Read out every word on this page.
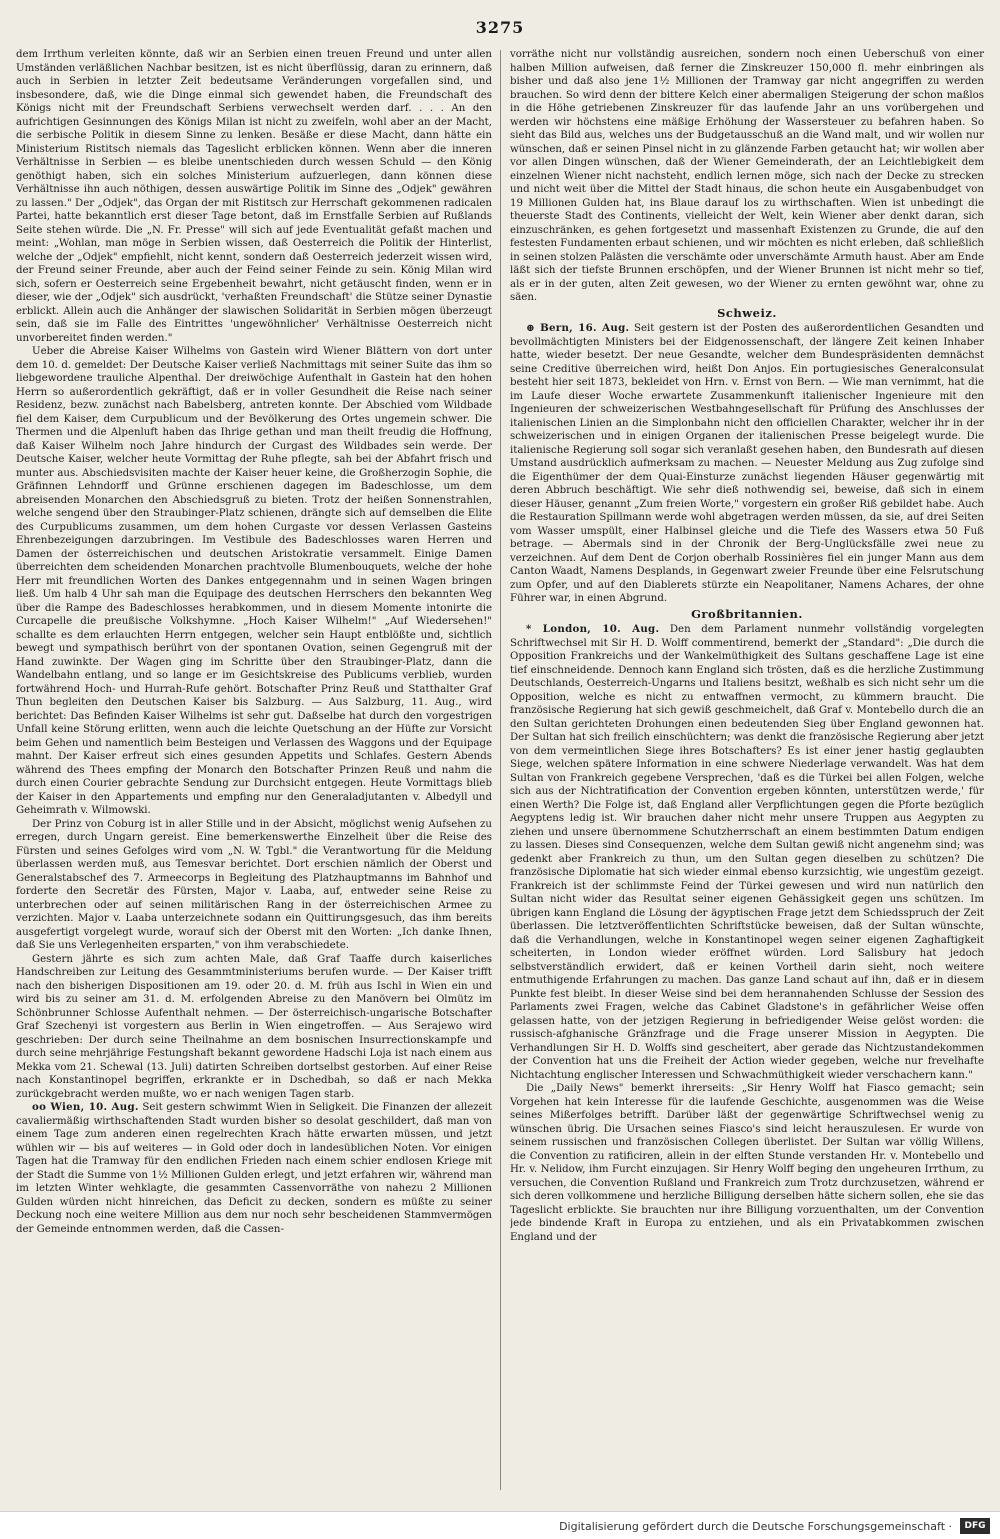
3275

dem Irrthum verleiten könnte, daß wir an Serbien einen treuen Freund und unter allen Umständen verläßlichen Nachbar besitzen, ist es nicht überflüssig, daran zu erinnern, daß auch in Serbien in letzter Zeit bedeutsame Veränderungen vorgefallen sind, und insbesondere, daß, wie die Dinge einmal sich gewendet haben, die Freundschaft des Königs nicht mit der Freundschaft Serbiens verwechselt werden darf. . . . An den aufrichtigen Gesinnungen des Königs Milan ist nicht zu zweifeln, wohl aber an der Macht, die serbische Politik in diesem Sinne zu lenken. Besäße er diese Macht, dann hätte ein Ministerium Ristitsch niemals das Tageslicht erblicken können. Wenn aber die inneren Verhältnisse in Serbien — es bleibe unentschieden durch wessen Schuld — den König genöthigt haben, sich ein solches Ministerium aufzuerlegen, dann können diese Verhältnisse ihn auch nöthigen, dessen auswärtige Politik im Sinne des „Odjek" gewähren zu lassen." Der „Odjek", das Organ der mit Ristitsch zur Herrschaft gekommenen radicalen Partei, hatte bekanntlich erst dieser Tage betont, daß im Ernstfalle Serbien auf Rußlands Seite stehen würde. Die „N. Fr. Presse" will sich auf jede Eventualität gefaßt machen und meint: „Wohlan, man möge in Serbien wissen, daß Oesterreich die Politik der Hinterlist, welche der „Odjek" empfiehlt, nicht kennt, sondern daß Oesterreich jederzeit wissen wird, der Freund seiner Freunde, aber auch der Feind seiner Feinde zu sein. König Milan wird sich, sofern er Oesterreich seine Ergebenheit bewahrt, nicht getäuscht finden, wenn er in dieser, wie der „Odjek" sich ausdrückt, 'verhaßten Freundschaft' die Stütze seiner Dynastie erblickt. Allein auch die Anhänger der slawischen Solidarität in Serbien mögen überzeugt sein, daß sie im Falle des Eintrittes 'ungewöhnlicher' Verhältnisse Oesterreich nicht unvorbereitet finden werden."

Ueber die Abreise Kaiser Wilhelms von Gastein wird Wiener Blättern von dort unter dem 10. d. gemeldet: Der Deutsche Kaiser verließ Nachmittags mit seiner Suite das ihm so liebgewordene trauliche Alpenthal. Der dreiwöchige Aufenthalt in Gastein hat den hohen Herrn so außerordentlich gekräftigt, daß er in voller Gesundheit die Reise nach seiner Residenz, bezw. zunächst nach Babelsberg, antreten konnte. Der Abschied vom Wildbade fiel dem Kaiser, dem Curpublicum und der Bevölkerung des Ortes ungemein schwer. Die Thermen und die Alpenluft haben das Ihrige gethan und man theilt freudig die Hoffnung, daß Kaiser Wilhelm noch Jahre hindurch der Curgast des Wildbades sein werde. Der Deutsche Kaiser, welcher heute Vormittag der Ruhe pflegte, sah bei der Abfahrt frisch und munter aus. Abschiedsvisiten machte der Kaiser heuer keine, die Großherzogin Sophie, die Gräfinnen Lehndorff und Grünne erschienen dagegen im Badeschlosse, um dem abreisenden Monarchen den Abschiedsgruß zu bieten. Trotz der heißen Sonnenstrahlen, welche sengend über den Straubinger-Platz schienen, drängte sich auf demselben die Elite des Curpublicums zusammen, um dem hohen Curgaste vor dessen Verlassen Gasteins Ehrenbezeigungen darzubringen. Im Vestibule des Badeschlosses waren Herren und Damen der österreichischen und deutschen Aristokratie versammelt. Einige Damen überreichten dem scheidenden Monarchen prachtvolle Blumenbouquets, welche der hohe Herr mit freundlichen Worten des Dankes entgegennahm und in seinen Wagen bringen ließ. Um halb 4 Uhr sah man die Equipage des deutschen Herrschers den bekannten Weg über die Rampe des Badeschlosses herabkommen, und in diesem Momente intonirte die Curcapelle die preußische Volkshymne. „Hoch Kaiser Wilhelm!" „Auf Wiedersehen!" schallte es dem erlauchten Herrn entgegen, welcher sein Haupt entblößte und, sichtlich bewegt und sympathisch berührt von der spontanen Ovation, seinen Gegengruß mit der Hand zuwinkte. Der Wagen ging im Schritte über den Straubinger-Platz, dann die Wandelbahn entlang, und so lange er im Gesichtskreise des Publicums verblieb, wurden fortwährend Hoch- und Hurrah-Rufe gehört. Botschafter Prinz Reuß und Statthalter Graf Thun begleiten den Deutschen Kaiser bis Salzburg. — Aus Salzburg, 11. Aug., wird berichtet: Das Befinden Kaiser Wilhelms ist sehr gut. Daßselbe hat durch den vorgestrigen Unfall keine Störung erlitten, wenn auch die leichte Quetschung an der Hüfte zur Vorsicht beim Gehen und namentlich beim Besteigen und Verlassen des Waggons und der Equipage mahnt. Der Kaiser erfreut sich eines gesunden Appetits und Schlafes. Gestern Abends während des Thees empfing der Monarch den Botschafter Prinzen Reuß und nahm die durch einen Courier gebrachte Sendung zur Durchsicht entgegen. Heute Vormittags blieb der Kaiser in den Appartements und empfing nur den Generaladjutanten v. Albedyll und Geheimrath v. Wilmowski.

Der Prinz von Coburg ist in aller Stille und in der Absicht, möglichst wenig Aufsehen zu erregen, durch Ungarn gereist. Eine bemerkenswerthe Einzelheit über die Reise des Fürsten und seines Gefolges wird vom „N. W. Tgbl." die Verantwortung für die Meldung überlassen werden muß, aus Temesvar berichtet. Dort erschien nämlich der Oberst und Generalstabschef des 7. Armeecorps in Begleitung des Platzhauptmanns im Bahnhof und forderte den Secretär des Fürsten, Major v. Laaba, auf, entweder seine Reise zu unterbrechen oder auf seinen militärischen Rang in der österreichischen Armee zu verzichten. Major v. Laaba unterzeichnete sodann ein Quittirungsgesuch, das ihm bereits ausgefertigt vorgelegt wurde, worauf sich der Oberst mit den Worten: „Ich danke Ihnen, daß Sie uns Verlegenheiten ersparten," von ihm verabschiedete.

Gestern jährte es sich zum achten Male, daß Graf Taaffe durch kaiserliches Handschreiben zur Leitung des Gesammtministeriums berufen wurde. — Der Kaiser trifft nach den bisherigen Dispositionen am 19. oder 20. d. M. früh aus Ischl in Wien ein und wird bis zu seiner am 31. d. M. erfolgenden Abreise zu den Manövern bei Olmütz im Schönbrunner Schlosse Aufenthalt nehmen. — Der österreichisch-ungarische Botschafter Graf Szechenyi ist vorgestern aus Berlin in Wien eingetroffen. — Aus Serajewo wird geschrieben: Der durch seine Theilnahme an dem bosnischen Insurrectionskampfe und durch seine mehrjährige Festungshaft bekannt gewordene Hadschi Loja ist nach einem aus Mekka vom 21. Schewal (13. Juli) datirten Schreiben dortselbst gestorben. Auf einer Reise nach Konstantinopel begriffen, erkrankte er in Dschedbah, so daß er nach Mekka zurückgebracht werden mußte, wo er nach wenigen Tagen starb.

oo Wien, 10. Aug. Seit gestern schwimmt Wien in Seligkeit. Die Finanzen der allezeit cavaliermäßig wirthschaftenden Stadt wurden bisher so desolat geschildert, daß man von einem Tage zum anderen einen regelrechten Krach hätte erwarten müssen, und jetzt wühlen wir — bis auf weiteres — in Gold oder doch in landesüblichen Noten. Vor einigen Tagen hat die Tramway für den endlichen Frieden nach einem schier endlosen Kriege mit der Stadt die Summe von 1½ Millionen Gulden erlegt, und jetzt erfahren wir, während man im letzten Winter wehklagte, die gesammten Cassenvorräthe von nahezu 2 Millionen Gulden würden nicht hinreichen, das Deficit zu decken, sondern es müßte zu seiner Deckung noch eine weitere Million aus dem nur noch sehr bescheidenen Stammvermögen der Gemeinde entnommen werden, daß die Cassen-

vorräthe nicht nur vollständig ausreichen, sondern noch einen Ueberschuß von einer halben Million aufweisen, daß ferner die Zinskreuzer 150,000 fl. mehr einbringen als bisher und daß also jene 1½ Millionen der Tramway gar nicht angegriffen zu werden brauchen. So wird denn der bittere Kelch einer abermaligen Steigerung der schon maßlos in die Höhe getriebenen Zinskreuzer für das laufende Jahr an uns vorübergehen und werden wir höchstens eine mäßige Erhöhung der Wassersteuer zu befahren haben. So sieht das Bild aus, welches uns der Budgetausschuß an die Wand malt, und wir wollen nur wünschen, daß er seinen Pinsel nicht in zu glänzende Farben getaucht hat; wir wollen aber vor allen Dingen wünschen, daß der Wiener Gemeinderath, der an Leichtlebigkeit dem einzelnen Wiener nicht nachsteht, endlich lernen möge, sich nach der Decke zu strecken und nicht weit über die Mittel der Stadt hinaus, die schon heute ein Ausgabenbudget von 19 Millionen Gulden hat, ins Blaue darauf los zu wirthschaften. Wien ist unbedingt die theuerste Stadt des Continents, vielleicht der Welt, kein Wiener aber denkt daran, sich einzuschränken, es gehen fortgesetzt und massenhaft Existenzen zu Grunde, die auf den festesten Fundamenten erbaut schienen, und wir möchten es nicht erleben, daß schließlich in seinen stolzen Palästen die verschämte oder unverschämte Armuth haust. Aber am Ende läßt sich der tiefste Brunnen erschöpfen, und der Wiener Brunnen ist nicht mehr so tief, als er in der guten, alten Zeit gewesen, wo der Wiener zu ernten gewöhnt war, ohne zu säen.

Schweiz.

⊕ Bern, 16. Aug. Seit gestern ist der Posten des außerordentlichen Gesandten und bevollmächtigten Ministers bei der Eidgenossenschaft, der längere Zeit keinen Inhaber hatte, wieder besetzt. Der neue Gesandte, welcher dem Bundespräsidenten demnächst seine Creditive überreichen wird, heißt Don Anjos. Ein portugiesisches Generalconsulat besteht hier seit 1873, bekleidet von Hrn. v. Ernst von Bern. — Wie man vernimmt, hat die im Laufe dieser Woche erwartete Zusammenkunft italienischer Ingenieure mit den Ingenieuren der schweizerischen Westbahngesellschaft für Prüfung des Anschlusses der italienischen Linien an die Simplonbahn nicht den officiellen Charakter, welcher ihr in der schweizerischen und in einigen Organen der italienischen Presse beigelegt wurde. Die italienische Regierung soll sogar sich veranlaßt gesehen haben, den Bundesrath auf diesen Umstand ausdrücklich aufmerksam zu machen. — Neuester Meldung aus Zug zufolge sind die Eigenthümer der dem Quai-Einsturze zunächst liegenden Häuser gegenwärtig mit deren Abbruch beschäftigt. Wie sehr dieß nothwendig sei, beweise, daß sich in einem dieser Häuser, genannt „Zum freien Worte," vorgestern ein großer Riß gebildet habe. Auch die Restauration Spillmann werde wohl abgetragen werden müssen, da sie, auf drei Seiten vom Wasser umspült, einer Halbinsel gleiche und die Tiefe des Wassers etwa 50 Fuß betrage. — Abermals sind in der Chronik der Berg-Unglücksfälle zwei neue zu verzeichnen. Auf dem Dent de Corjon oberhalb Rossinières fiel ein junger Mann aus dem Canton Waadt, Namens Desplands, in Gegenwart zweier Freunde über eine Felsrutschung zum Opfer, und auf den Diablerets stürzte ein Neapolitaner, Namens Achares, der ohne Führer war, in einen Abgrund.

Großbritannien.

* London, 10. Aug. Den dem Parlament nunmehr vollständig vorgelegten Schriftwechsel mit Sir H. D. Wolff commentirend, bemerkt der „Standard": „Die durch die Opposition Frankreichs und der Wankelmüthigkeit des Sultans geschaffene Lage ist eine tief einschneidende. Dennoch kann England sich trösten, daß es die herzliche Zustimmung Deutschlands, Oesterreich-Ungarns und Italiens besitzt, weßhalb es sich nicht sehr um die Opposition, welche es nicht zu entwaffnen vermocht, zu kümmern braucht. Die französische Regierung hat sich gewiß geschmeichelt, daß Graf v. Montebello durch die an den Sultan gerichteten Drohungen einen bedeutenden Sieg über England gewonnen hat. Der Sultan hat sich freilich einschüchtern; was denkt die französische Regierung aber jetzt von dem vermeintlichen Siege ihres Botschafters? Es ist einer jener hastig geglaubten Siege, welchen spätere Information in eine schwere Niederlage verwandelt. Was hat dem Sultan von Frankreich gegebene Versprechen, 'daß es die Türkei bei allen Folgen, welche sich aus der Nichtratification der Convention ergeben könnten, unterstützen werde,' für einen Werth? Die Folge ist, daß England aller Verpflichtungen gegen die Pforte bezüglich Aegyptens ledig ist. Wir brauchen daher nicht mehr unsere Truppen aus Aegypten zu ziehen und unsere übernommene Schutzherrschaft an einem bestimmten Datum endigen zu lassen. Dieses sind Consequenzen, welche dem Sultan gewiß nicht angenehm sind; was gedenkt aber Frankreich zu thun, um den Sultan gegen dieselben zu schützen? Die französische Diplomatie hat sich wieder einmal ebenso kurzsichtig, wie ungestüm gezeigt. Frankreich ist der schlimmste Feind der Türkei gewesen und wird nun natürlich den Sultan nicht wider das Resultat seiner eigenen Gehässigkeit gegen uns schützen. Im übrigen kann England die Lösung der ägyptischen Frage jetzt dem Schiedsspruch der Zeit überlassen. Die letztveröffentlichten Schriftstücke beweisen, daß der Sultan wünschte, daß die Verhandlungen, welche in Konstantinopel wegen seiner eigenen Zaghaftigkeit scheiterten, in London wieder eröffnet würden. Lord Salisbury hat jedoch selbstverständlich erwidert, daß er keinen Vortheil darin sieht, noch weitere entmuthigende Erfahrungen zu machen. Das ganze Land schaut auf ihn, daß er in diesem Punkte fest bleibt. In dieser Weise sind bei dem herannahenden Schlusse der Session des Parlaments zwei Fragen, welche das Cabinet Gladstone's in gefährlicher Weise offen gelassen hatte, von der jetzigen Regierung in befriedigender Weise gelöst worden: die russisch-afghanische Gränzfrage und die Frage unserer Mission in Aegypten. Die Verhandlungen Sir H. D. Wolffs sind gescheitert, aber gerade das Nichtzustandekommen der Convention hat uns die Freiheit der Action wieder gegeben, welche nur frevelhafte Nichtachtung englischer Interessen und Schwachmüthigkeit wieder verschachern kann."

Die „Daily News" bemerkt ihrerseits: „Sir Henry Wolff hat Fiasco gemacht; sein Vorgehen hat kein Interesse für die laufende Geschichte, ausgenommen was die Weise seines Mißerfolges betrifft. Darüber läßt der gegenwärtige Schriftwechsel wenig zu wünschen übrig. Die Ursachen seines Fiasco's sind leicht herauszulesen. Er wurde von seinem russischen und französischen Collegen überlistet. Der Sultan war völlig Willens, die Convention zu ratificiren, allein in der elften Stunde verstanden Hr. v. Montebello und Hr. v. Nelidow, ihm Furcht einzujagen. Sir Henry Wolff beging den ungeheuren Irrthum, zu versuchen, die Convention Rußland und Frankreich zum Trotz durchzusetzen, während er sich deren vollkommene und herzliche Billigung derselben hätte sichern sollen, ehe sie das Tageslicht erblickte. Sie brauchten nur ihre Billigung vorzuenthalten, um der Convention jede bindende Kraft in Europa zu entziehen, und als ein Privatabkommen zwischen England und der

Digitalisierung gefördert durch die Deutsche Forschungsgemeinschaft ·	DFG
